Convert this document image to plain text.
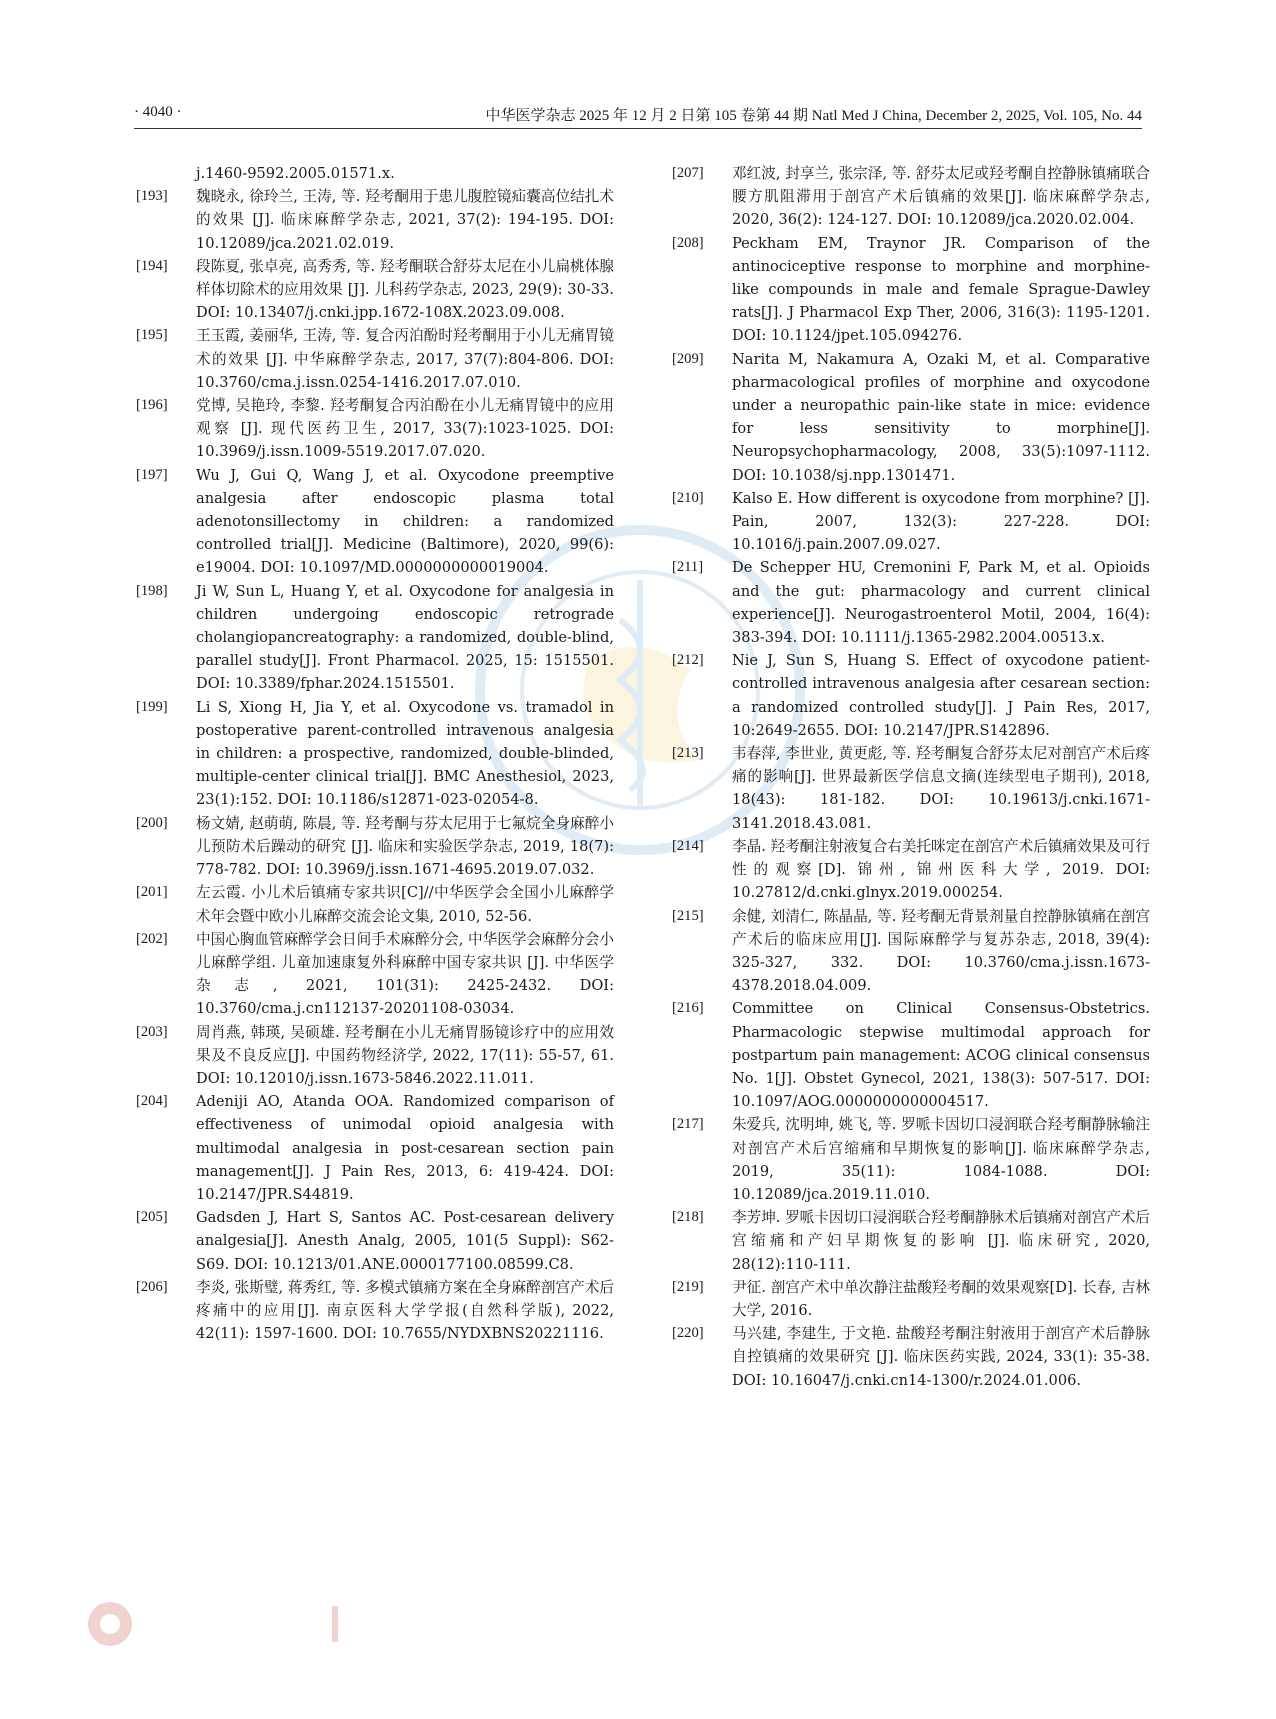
· 4040 ·	中华医学杂志 2025 年 12 月 2 日第 105 卷第 44 期 Natl Med J China, December 2, 2025, Vol. 105, No. 44
j.1460-9592.2005.01571.x.
[193]	魏晓永, 徐玲兰, 王涛, 等. 羟考酮用于患儿腹腔镜疝囊高位结扎术的效果 [J]. 临床麻醉学杂志, 2021, 37(2): 194-195. DOI: 10.12089/jca.2021.02.019.
[194]	段陈夏, 张卓亮, 高秀秀, 等. 羟考酮联合舒芬太尼在小儿扁桃体腺样体切除术的应用效果 [J]. 儿科药学杂志, 2023, 29(9): 30-33. DOI: 10.13407/j.cnki.jpp.1672-108X.2023.09.008.
[195]	王玉霞, 姜丽华, 王涛, 等. 复合丙泊酚时羟考酮用于小儿无痛胃镜术的效果 [J]. 中华麻醉学杂志, 2017, 37(7):804-806. DOI: 10.3760/cma.j.issn.0254-1416.2017.07.010.
[196]	党博, 吴艳玲, 李黎. 羟考酮复合丙泊酚在小儿无痛胃镜中的应用观察 [J]. 现代医药卫生, 2017, 33(7):1023-1025. DOI: 10.3969/j.issn.1009-5519.2017.07.020.
[197]	Wu J, Gui Q, Wang J, et al. Oxycodone preemptive analgesia after endoscopic plasma total adenotonsillectomy in children: a randomized controlled trial[J]. Medicine (Baltimore), 2020, 99(6): e19004. DOI: 10.1097/MD.0000000000019004.
[198]	Ji W, Sun L, Huang Y, et al. Oxycodone for analgesia in children undergoing endoscopic retrograde cholangiopancreatography: a randomized, double-blind, parallel study[J]. Front Pharmacol. 2025, 15: 1515501. DOI: 10.3389/fphar.2024.1515501.
[199]	Li S, Xiong H, Jia Y, et al. Oxycodone vs. tramadol in postoperative parent-controlled intravenous analgesia in children: a prospective, randomized, double-blinded, multiple-center clinical trial[J]. BMC Anesthesiol, 2023, 23(1):152. DOI: 10.1186/s12871-023-02054-8.
[200]	杨文婧, 赵萌萌, 陈晨, 等. 羟考酮与芬太尼用于七氟烷全身麻醉小儿预防术后躁动的研究 [J]. 临床和实验医学杂志, 2019, 18(7): 778-782. DOI: 10.3969/j.issn.1671-4695.2019.07.032.
[201]	左云霞. 小儿术后镇痛专家共识[C]//中华医学会全国小儿麻醉学术年会暨中欧小儿麻醉交流会论文集, 2010, 52-56.
[202]	中国心胸血管麻醉学会日间手术麻醉分会, 中华医学会麻醉分会小儿麻醉学组. 儿童加速康复外科麻醉中国专家共识 [J]. 中华医学杂志, 2021, 101(31): 2425-2432. DOI: 10.3760/cma.j.cn112137-20201108-03034.
[203]	周肖燕, 韩瑛, 吴硕雄. 羟考酮在小儿无痛胃肠镜诊疗中的应用效果及不良反应[J]. 中国药物经济学, 2022, 17(11): 55-57, 61. DOI: 10.12010/j.issn.1673-5846.2022.11.011.
[204]	Adeniji AO, Atanda OOA. Randomized comparison of effectiveness of unimodal opioid analgesia with multimodal analgesia in post-cesarean section pain management[J]. J Pain Res, 2013, 6: 419-424. DOI: 10.2147/JPR.S44819.
[205]	Gadsden J, Hart S, Santos AC. Post-cesarean delivery analgesia[J]. Anesth Analg, 2005, 101(5 Suppl): S62-S69. DOI: 10.1213/01.ANE.0000177100.08599.C8.
[206]	李炎, 张斯璧, 蒋秀红, 等. 多模式镇痛方案在全身麻醉剖宫产术后疼痛中的应用[J]. 南京医科大学学报(自然科学版), 2022, 42(11): 1597-1600. DOI: 10.7655/NYDXBNS20221116.
[207]	邓红波, 封享兰, 张宗泽, 等. 舒芬太尼或羟考酮自控静脉镇痛联合腰方肌阻滞用于剖宫产术后镇痛的效果[J]. 临床麻醉学杂志, 2020, 36(2): 124-127. DOI: 10.12089/jca.2020.02.004.
[208]	Peckham EM, Traynor JR. Comparison of the antinociceptive response to morphine and morphine-like compounds in male and female Sprague-Dawley rats[J]. J Pharmacol Exp Ther, 2006, 316(3): 1195-1201. DOI: 10.1124/jpet.105.094276.
[209]	Narita M, Nakamura A, Ozaki M, et al. Comparative pharmacological profiles of morphine and oxycodone under a neuropathic pain-like state in mice: evidence for less sensitivity to morphine[J]. Neuropsychopharmacology, 2008, 33(5):1097-1112. DOI: 10.1038/sj.npp.1301471.
[210]	Kalso E. How different is oxycodone from morphine? [J]. Pain, 2007, 132(3): 227-228. DOI: 10.1016/j.pain.2007.09.027.
[211]	De Schepper HU, Cremonini F, Park M, et al. Opioids and the gut: pharmacology and current clinical experience[J]. Neurogastroenterol Motil, 2004, 16(4): 383-394. DOI: 10.1111/j.1365-2982.2004.00513.x.
[212]	Nie J, Sun S, Huang S. Effect of oxycodone patient-controlled intravenous analgesia after cesarean section: a randomized controlled study[J]. J Pain Res, 2017, 10:2649-2655. DOI: 10.2147/JPR.S142896.
[213]	韦春萍, 李世业, 黄更彪, 等. 羟考酮复合舒芬太尼对剖宫产术后疼痛的影响[J]. 世界最新医学信息文摘(连续型电子期刊), 2018, 18(43): 181-182. DOI: 10.19613/j.cnki.1671-3141.2018.43.081.
[214]	李晶. 羟考酮注射液复合右美托咪定在剖宫产术后镇痛效果及可行性的观察[D]. 锦州, 锦州医科大学, 2019. DOI: 10.27812/d.cnki.glnyx.2019.000254.
[215]	余健, 刘清仁, 陈晶晶, 等. 羟考酮无背景剂量自控静脉镇痛在剖宫产术后的临床应用[J]. 国际麻醉学与复苏杂志, 2018, 39(4): 325-327, 332. DOI: 10.3760/cma.j.issn.1673-4378.2018.04.009.
[216]	Committee on Clinical Consensus-Obstetrics. Pharmacologic stepwise multimodal approach for postpartum pain management: ACOG clinical consensus No. 1[J]. Obstet Gynecol, 2021, 138(3): 507-517. DOI: 10.1097/AOG.0000000000004517.
[217]	朱爱兵, 沈明坤, 姚飞, 等. 罗哌卡因切口浸润联合羟考酮静脉输注对剖宫产术后宫缩痛和早期恢复的影响[J]. 临床麻醉学杂志, 2019, 35(11): 1084-1088. DOI: 10.12089/jca.2019.11.010.
[218]	李芳坤. 罗哌卡因切口浸润联合羟考酮静脉术后镇痛对剖宫产术后宫缩痛和产妇早期恢复的影响 [J]. 临床研究, 2020, 28(12):110-111.
[219]	尹征. 剖宫产术中单次静注盐酸羟考酮的效果观察[D]. 长春, 吉林大学, 2016.
[220]	马兴建, 李建生, 于文艳. 盐酸羟考酮注射液用于剖宫产术后静脉自控镇痛的效果研究 [J]. 临床医药实践, 2024, 33(1): 35-38. DOI: 10.16047/j.cnki.cn14-1300/r.2024.01.006.
